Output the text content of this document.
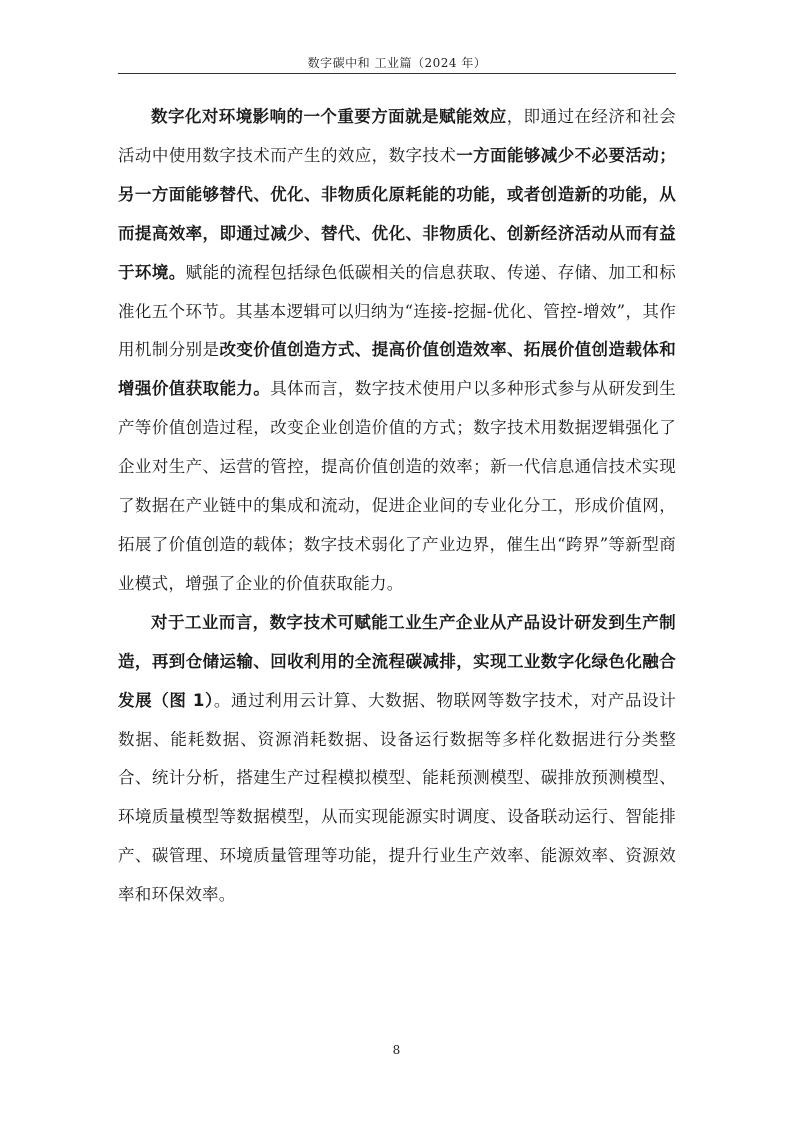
数字碳中和 工业篇（2024 年）

数字化对环境影响的一个重要方面就是赋能效应，即通过在经济和社会活动中使用数字技术而产生的效应，数字技术一方面能够减少不必要活动；另一方面能够替代、优化、非物质化原耗能的功能，或者创造新的功能，从而提高效率，即通过减少、替代、优化、非物质化、创新经济活动从而有益于环境。赋能的流程包括绿色低碳相关的信息获取、传递、存储、加工和标准化五个环节。其基本逻辑可以归纳为“连接-挖掘-优化、管控-增效”，其作用机制分别是改变价值创造方式、提高价值创造效率、拓展价值创造载体和增强价值获取能力。具体而言，数字技术使用户以多种形式参与从研发到生产等价值创造过程，改变企业创造价值的方式；数字技术用数据逻辑强化了企业对生产、运营的管控，提高价值创造的效率；新一代信息通信技术实现了数据在产业链中的集成和流动，促进企业间的专业化分工，形成价值网，拓展了价值创造的载体；数字技术弱化了产业边界，催生出“跨界”等新型商业模式，增强了企业的价值获取能力。

对于工业而言，数字技术可赋能工业生产企业从产品设计研发到生产制造，再到仓储运输、回收利用的全流程碳减排，实现工业数字化绿色化融合发展（图 1）。通过利用云计算、大数据、物联网等数字技术，对产品设计数据、能耗数据、资源消耗数据、设备运行数据等多样化数据进行分类整合、统计分析，搭建生产过程模拟模型、能耗预测模型、碳排放预测模型、环境质量模型等数据模型，从而实现能源实时调度、设备联动运行、智能排产、碳管理、环境质量管理等功能，提升行业生产效率、能源效率、资源效率和环保效率。

8
